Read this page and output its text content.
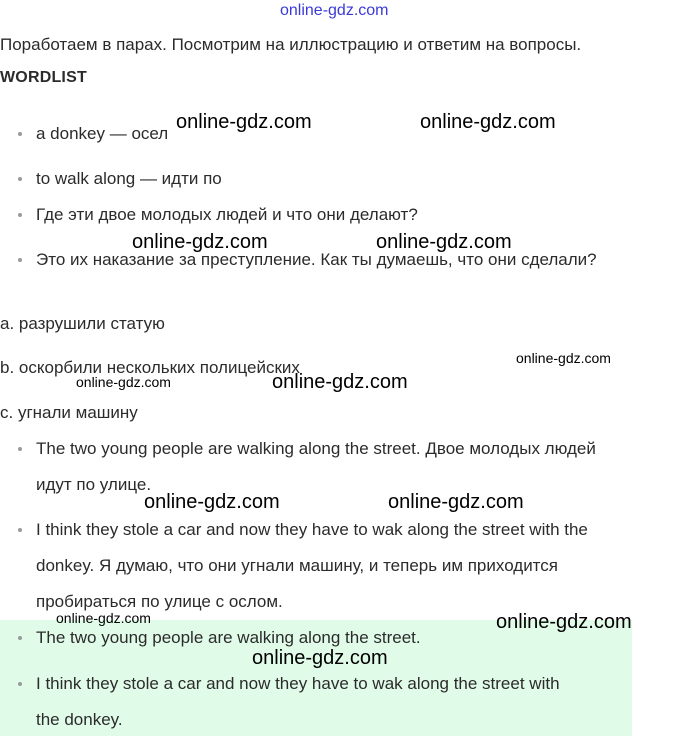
online-gdz.com
Поработаем в парах. Посмотрим на иллюстрацию и ответим на вопросы.
WORDLIST
a donkey — осел
to walk along — идти по
Где эти двое молодых людей и что они делают?
Это их наказание за преступление. Как ты думаешь, что они сделали?
a. разрушили статую
b. оскорбили нескольких полицейских
c. угнали машину
The two young people are walking along the street. Двое молодых людей
идут по улице.
I think they stole a car and now they have to wak along the street with the
donkey. Я думаю, что они угнали машину, и теперь им приходится
пробираться по улице с ослом.
The two young people are walking along the street.
I think they stole a car and now they have to wak along the street with
the donkey.
online-gdz.com	online-gdz.com
online-gdz.com	online-gdz.com
online-gdz.com
online-gdz.com	online-gdz.com
online-gdz.com	online-gdz.com
online-gdz.com	online-gdz.com
online-gdz.com
